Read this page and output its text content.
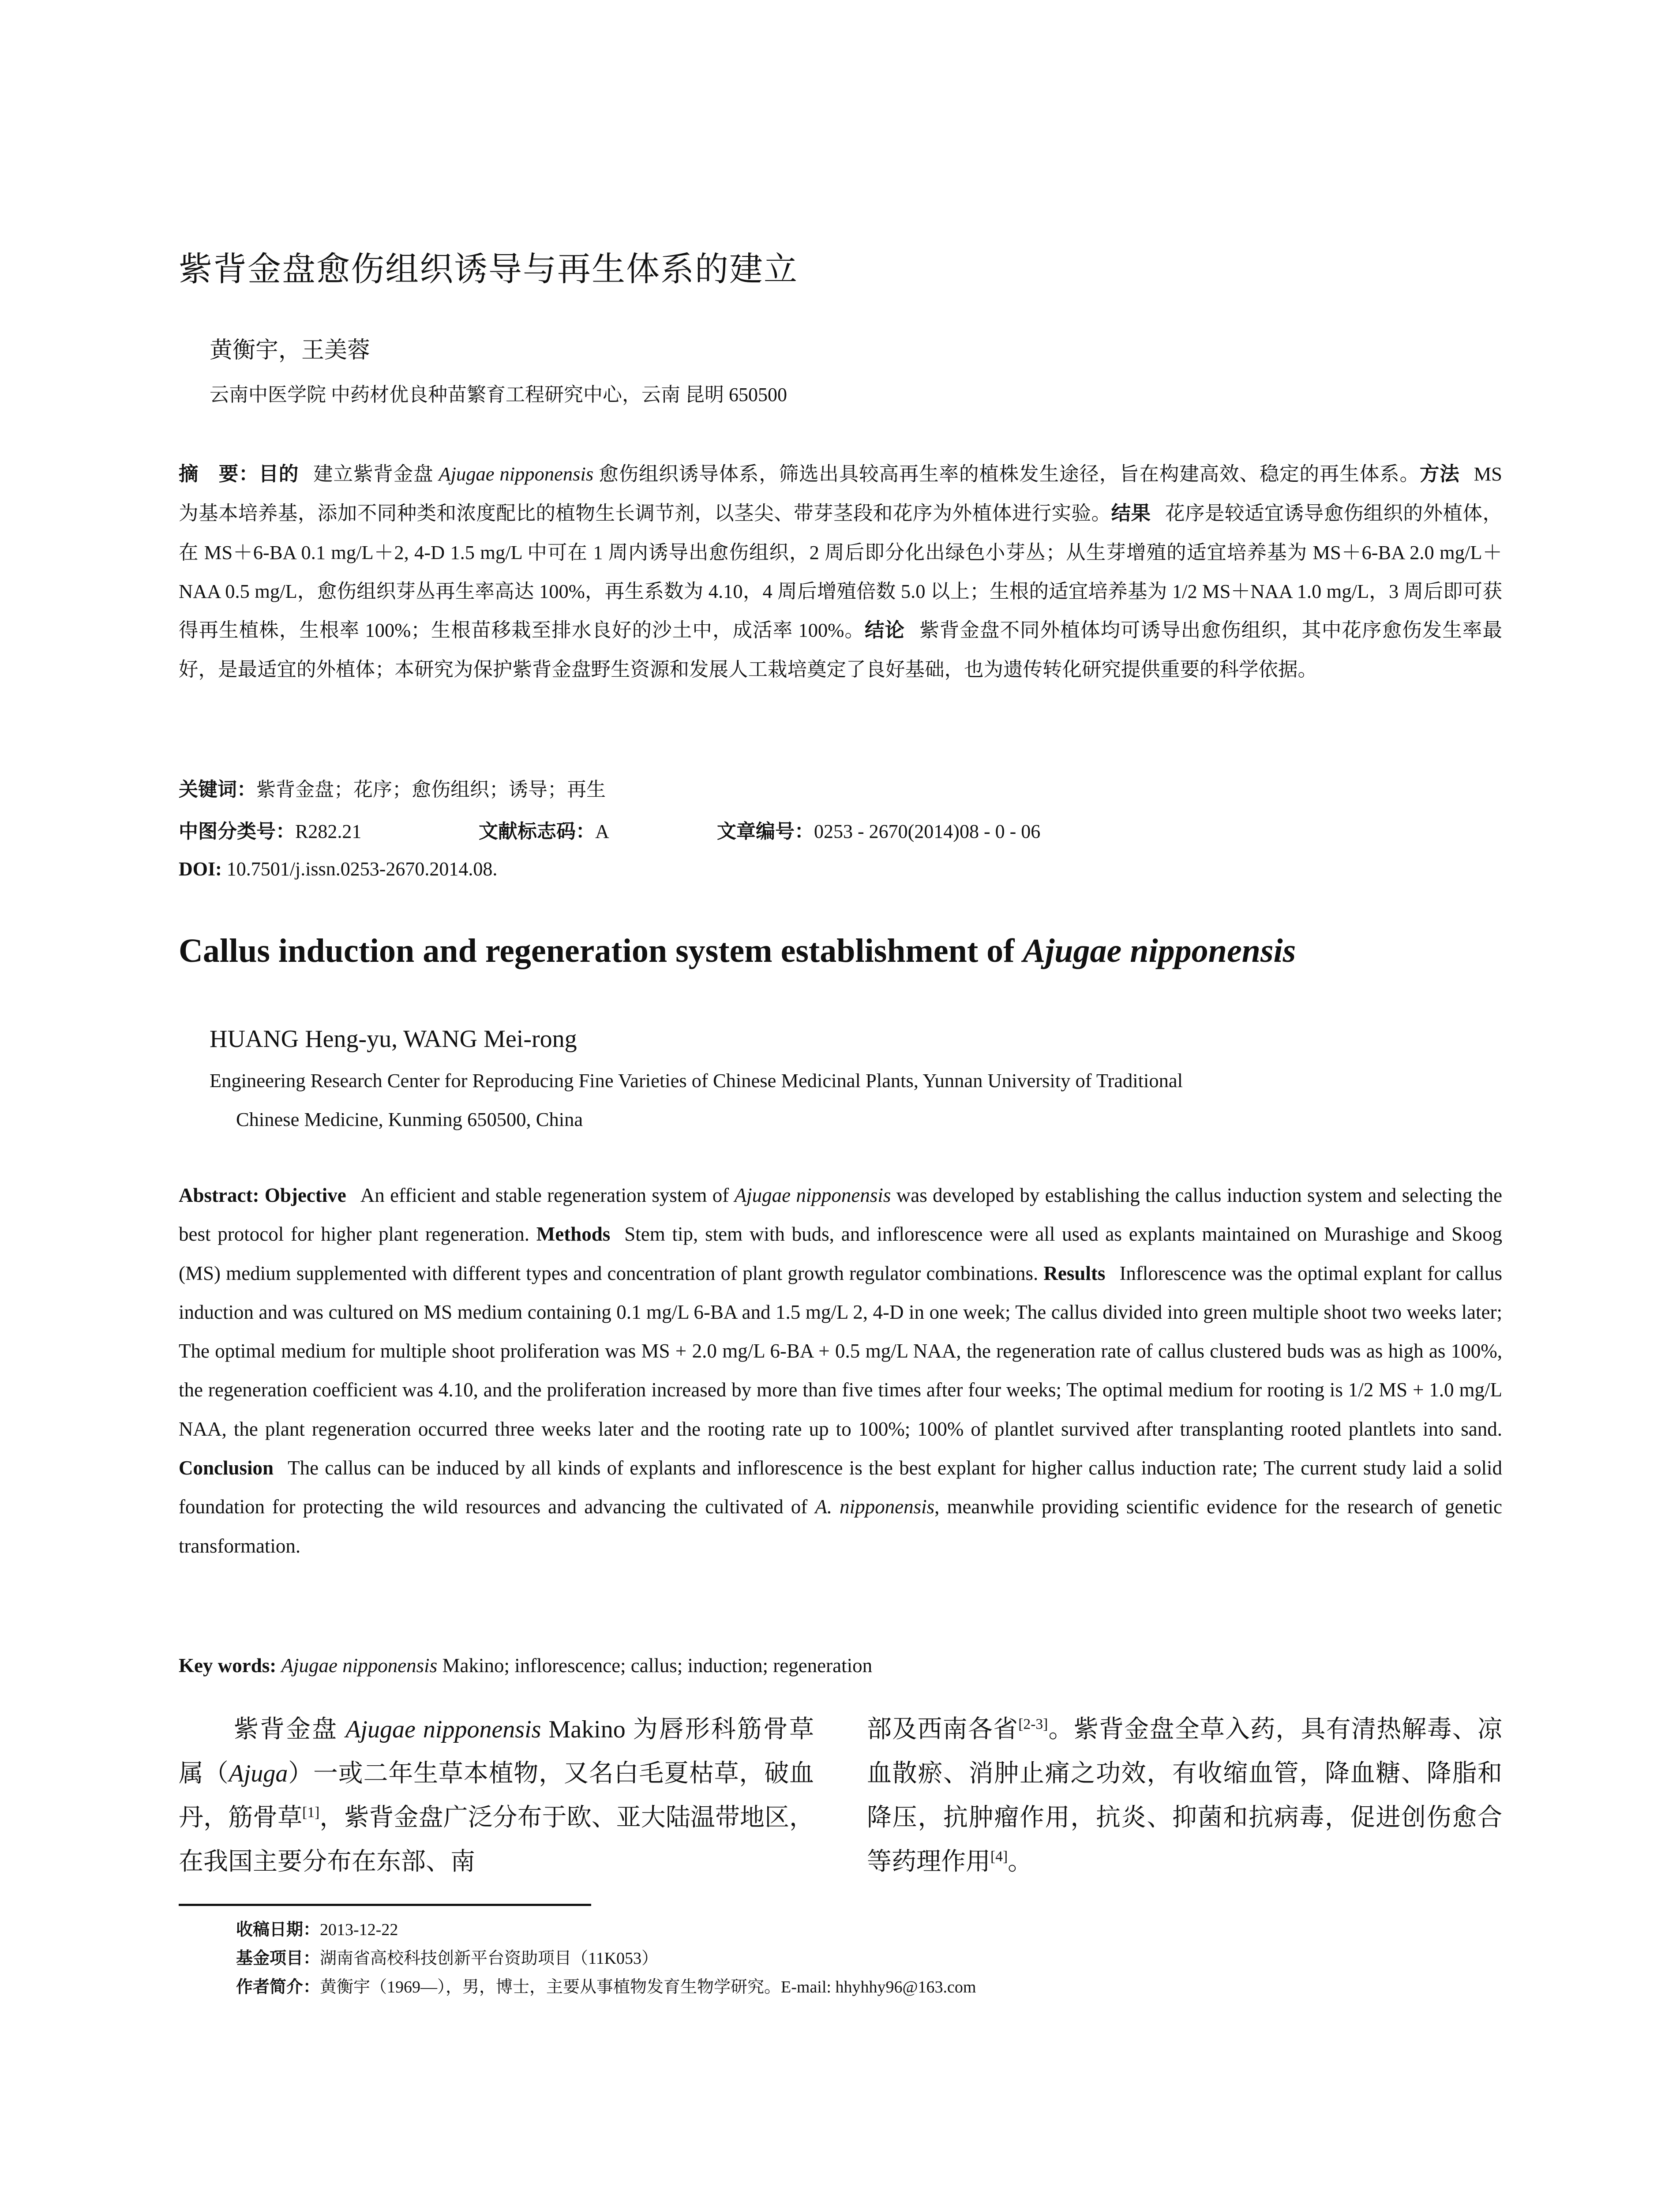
紫背金盘愈伤组织诱导与再生体系的建立
黄衡宇，王美蓉
云南中医学院 中药材优良种苗繁育工程研究中心，云南 昆明 650500
摘　要：目的 建立紫背金盘 Ajugae nipponensis 愈伤组织诱导体系，筛选出具较高再生率的植株发生途径，旨在构建高效、稳定的再生体系。方法 MS 为基本培养基，添加不同种类和浓度配比的植物生长调节剂，以茎尖、带芽茎段和花序为外植体进行实验。结果 花序是较适宜诱导愈伤组织的外植体，在 MS＋6-BA 0.1 mg/L＋2, 4-D 1.5 mg/L 中可在 1 周内诱导出愈伤组织，2 周后即分化出绿色小芽丛；从生芽增殖的适宜培养基为 MS＋6-BA 2.0 mg/L＋NAA 0.5 mg/L，愈伤组织芽丛再生率高达 100%，再生系数为 4.10，4 周后增殖倍数 5.0 以上；生根的适宜培养基为 1/2 MS＋NAA 1.0 mg/L，3 周后即可获得再生植株，生根率 100%；生根苗移栽至排水良好的沙土中，成活率 100%。结论 紫背金盘不同外植体均可诱导出愈伤组织，其中花序愈伤发生率最好，是最适宜的外植体；本研究为保护紫背金盘野生资源和发展人工栽培奠定了良好基础，也为遗传转化研究提供重要的科学依据。
关键词：紫背金盘；花序；愈伤组织；诱导；再生
中图分类号：R282.21	文献标志码：A	文章编号：0253 - 2670(2014)08 - 0 - 06
DOI: 10.7501/j.issn.0253-2670.2014.08.
Callus induction and regeneration system establishment of Ajugae nipponensis
HUANG Heng-yu, WANG Mei-rong
Engineering Research Center for Reproducing Fine Varieties of Chinese Medicinal Plants, Yunnan University of Traditional
Chinese Medicine, Kunming 650500, China
Abstract: Objective An efficient and stable regeneration system of Ajugae nipponensis was developed by establishing the callus induction system and selecting the best protocol for higher plant regeneration. Methods Stem tip, stem with buds, and inflorescence were all used as explants maintained on Murashige and Skoog (MS) medium supplemented with different types and concentration of plant growth regulator combinations. Results Inflorescence was the optimal explant for callus induction and was cultured on MS medium containing 0.1 mg/L 6-BA and 1.5 mg/L 2, 4-D in one week; The callus divided into green multiple shoot two weeks later; The optimal medium for multiple shoot proliferation was MS + 2.0 mg/L 6-BA + 0.5 mg/L NAA, the regeneration rate of callus clustered buds was as high as 100%, the regeneration coefficient was 4.10, and the proliferation increased by more than five times after four weeks; The optimal medium for rooting is 1/2 MS + 1.0 mg/L NAA, the plant regeneration occurred three weeks later and the rooting rate up to 100%; 100% of plantlet survived after transplanting rooted plantlets into sand. Conclusion The callus can be induced by all kinds of explants and inflorescence is the best explant for higher callus induction rate; The current study laid a solid foundation for protecting the wild resources and advancing the cultivated of A. nipponensis, meanwhile providing scientific evidence for the research of genetic transformation.
Key words: Ajugae nipponensis Makino; inflorescence; callus; induction; regeneration
紫背金盘 Ajugae nipponensis Makino 为唇形科筋骨草属（Ajuga）一或二年生草本植物，又名白毛夏枯草，破血丹，筋骨草[1]，紫背金盘广泛分布于欧、亚大陆温带地区，在我国主要分布在东部、南
部及西南各省[2-3]。紫背金盘全草入药，具有清热解毒、凉血散瘀、消肿止痛之功效，有收缩血管，降血糖、降脂和降压，抗肿瘤作用，抗炎、抑菌和抗病毒，促进创伤愈合等药理作用[4]。
收稿日期：2013-12-22
基金项目：湖南省高校科技创新平台资助项目（11K053）
作者简介：黄衡宇（1969—），男，博士，主要从事植物发育生物学研究。E-mail: hhyhhy96@163.com
